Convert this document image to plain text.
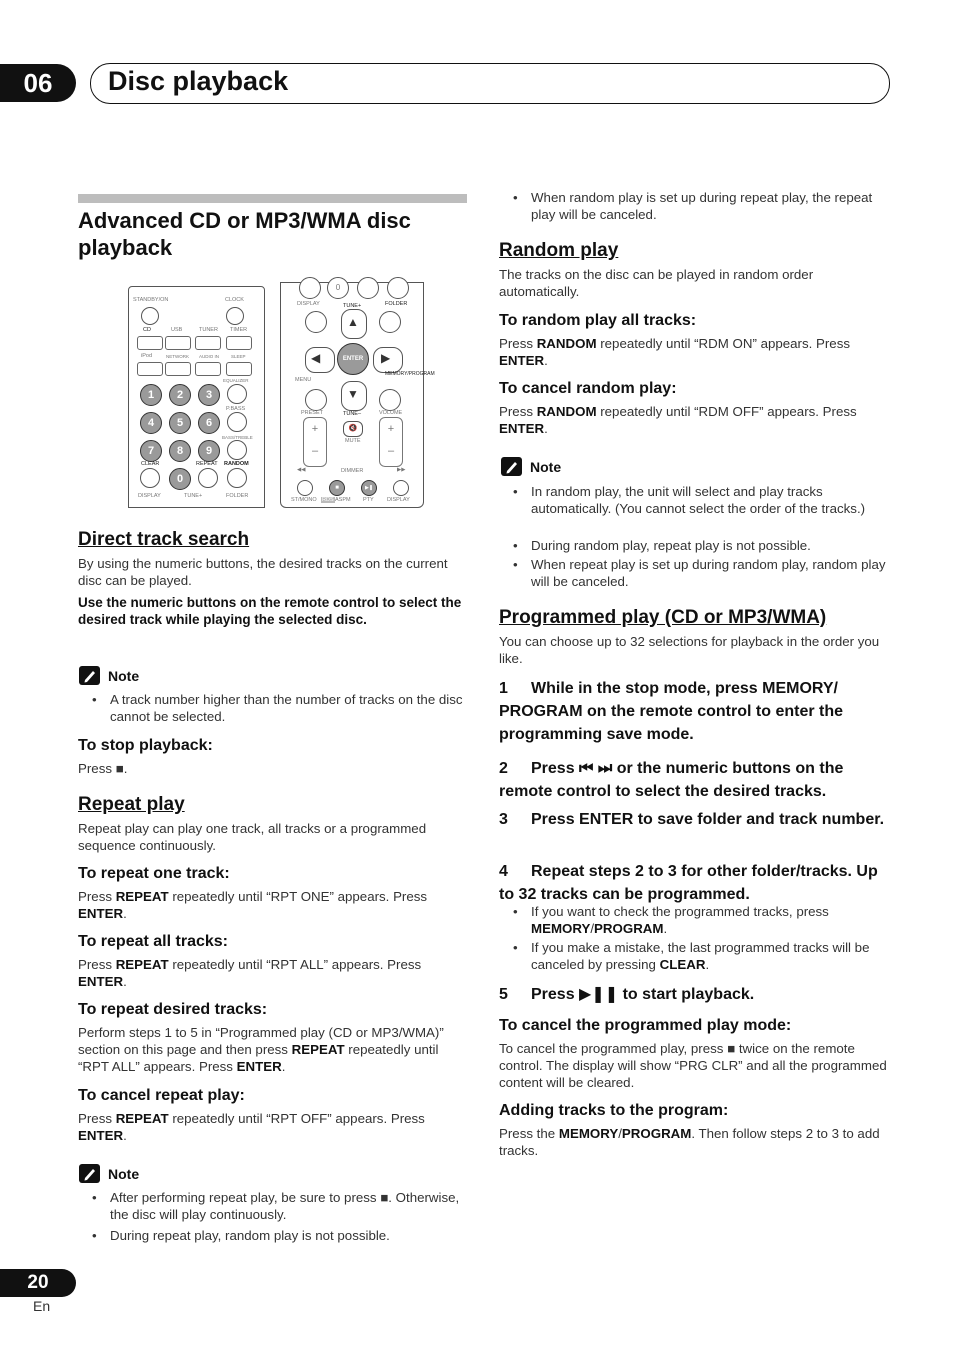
06 Disc playback
Advanced CD or MP3/WMA disc playback
STANDBY/ON	CLOCK
CD	USB	TUNER TIMER
iPod	NETWORK AUDIO IN	SLEEP
EQUALIZER
1	2	3
P.BASS
4	5	6
BASS/TREBLE
7	8	9
CLEAR	REPEAT RANDOM
0
DISPLAY	TUNE+	FOLDER
0
DISPLAY	TUNE+	FOLDER
▲
▼
◀	▶
ENTER
MENU
MEMORY/PROGRAM
PRESET	TUNE–	VOLUME
+
–
+
–
🔇
MUTE
DIMMER
◀◀	▶▶
■	▶❚
ST/MONO RDS ASPM PTY DISPLAY
Direct track search

By using the numeric buttons, the desired tracks on the current disc can be played.

Use the numeric buttons on the remote control to select the desired track while playing the selected disc.

Note
• A track number higher than the number of tracks on the disc cannot be selected.
To stop playback:

Press ■.

Repeat play

Repeat play can play one track, all tracks or a programmed sequence continuously.

To repeat one track:

Press REPEAT repeatedly until “RPT ONE” appears. Press ENTER.

To repeat all tracks:

Press REPEAT repeatedly until “RPT ALL” appears. Press ENTER.

To repeat desired tracks:

Perform steps 1 to 5 in “Programmed play (CD or MP3/WMA)” section on this page and then press REPEAT repeatedly until “RPT ALL” appears. Press ENTER.

To cancel repeat play:

Press REPEAT repeatedly until “RPT OFF” appears. Press ENTER.

Note
• After performing repeat play, be sure to press ■. Otherwise, the disc will play continuously.
• During repeat play, random play is not possible.
• When random play is set up during repeat play, the repeat play will be canceled.
Random play

The tracks on the disc can be played in random order automatically.

To random play all tracks:

Press RANDOM repeatedly until “RDM ON” appears. Press ENTER.

To cancel random play:

Press RANDOM repeatedly until “RDM OFF” appears. Press ENTER.

Note
• In random play, the unit will select and play tracks automatically. (You cannot select the order of the tracks.)
• During random play, repeat play is not possible.
• When repeat play is set up during random play, random play will be canceled.
Programmed play (CD or MP3/WMA)

You can choose up to 32 selections for playback in the order you like.

1 While in the stop mode, press MEMORY/ PROGRAM on the remote control to enter the programming save mode.
2 Press ⏮ ⏭ or the numeric buttons on the remote control to select the desired tracks.
3 Press ENTER to save folder and track number.
4 Repeat steps 2 to 3 for other folder/tracks. Up to 32 tracks can be programmed.
• If you want to check the programmed tracks, press MEMORY/PROGRAM.
• If you make a mistake, the last programmed tracks will be canceled by pressing CLEAR.
5 Press ▶❚❚ to start playback.
To cancel the programmed play mode:

To cancel the programmed play, press ■ twice on the remote control. The display will show “PRG CLR” and all the programmed content will be cleared.

Adding tracks to the program:

Press the MEMORY/PROGRAM. Then follow steps 2 to 3 to add tracks.

20
En
